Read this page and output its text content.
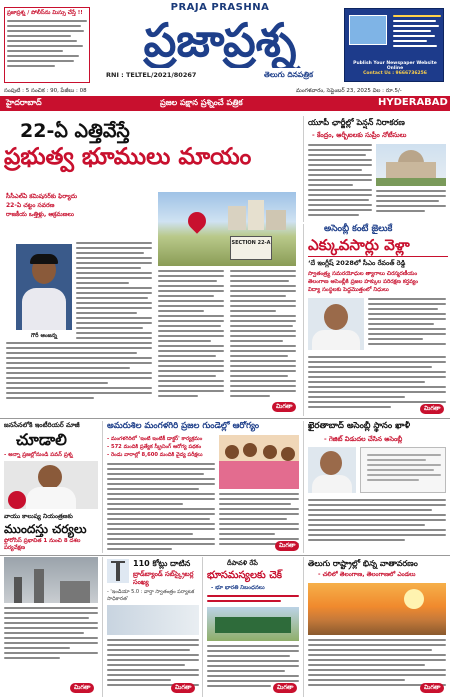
ప్రజాప్రశ్న / పోలీస్‌ను మిస్సు చేస్తే !!	PRAJA PRASHNA
ప్రజాప్రశ్న
RNI : TELTEL/2021/80267	తెలుగు దినపత్రిక
Publish Your Newspaper Website Online
Contact Us : 9666736256
సంపుటి : 5 సంచిక : 90, పేజీలు : 08	మంగళవారం, సెప్టెంబర్ 23, 2025 విల : రూ.5/-
హైదరాబాద్	ప్రజల పక్షాన ప్రశ్నించే పత్రిక	HYDERABAD
22-ఏ ఎత్తివేస్తే
ప్రభుత్వ భూములు మాయం
సీసీఎల్ఏ కమిషనర్‌కు ఫిర్యాదు
22-ఏ చట్టం సవరణ
రాజకీయ ఒత్తిళ్లు, ఆక్రమణలు
SECTION 22-A
గౌరీ ఆంజన్న
మిగతా
యూపీ ఛార్జీల్లో పెన్షన్ నిరాకరణ
- కేంద్రం, ఆర్బీఐలకు సుప్రీం నోటీసులు
అసెంబ్లీ కంటే జైలుకే
ఎక్కువసార్లు వెళ్లా
‘దే ఇంగ్లీష్ 2028లో సీఎం రేవంత్ రెడ్డి
స్వాతంత్ర్య సమరయోధుల త్యాగాలు చిరస్మరణీయం
తెలంగాణ అసెంబ్లీకి ప్రజల హక్కుల పరిరక్షణ కర్తవ్యం
విద్యా సంస్థలకు పెద్దమొత్తంలో నిధులు
మిగతా
జనసేనలోకి ఇంటీరియర్ మాజీ
చూడాలి
- అన్నా ప్రజల్లోనుండి పవన్ ప్రశ్న
అమరుశిల మంగళగిరి ప్రజల గుండెల్లో ఆరోగ్యం
- మంగళగిరిలో 'ఇంటి ఇంటికీ డాక్టర్' కార్యక్రమం
- 572 మందికి ప్రత్యేక స్క్రీనింగ్ ఆరోగ్య పథకం
- రెండు వారాల్లో 8,600 మందికి వైద్య పరీక్షలు
మిగతా
ఖైరతాబాద్ అసెంబ్లీ స్థానం ఖాళీ
- గెజిట్ విడుదల చేసిన అసెంబ్లీ
వాయు కాలుష్య నియంత్రణకు
ముందస్తు చర్యలు
ఫ్లోరోసిస్ ప్రభావిత 1 నుంచి 8 దశల పర్యవేక్షణ
మిగతా
110 కోట్లు దాటిన
బ్రాడ్‌బ్యాండ్ సబ్‌స్క్రైబర్ల సంఖ్య
- 'ఇండియా 5.0 : వార్తా స్వాతంత్రం పర్యాటక సాధికారత'
మిగతా
దీపావళి రేపే
భూసమస్యలకు చెక్
- భూ భారతి నిబంధనలు
మిగతా
తెలుగు రాష్ట్రాల్లో భిన్న వాతావరణం
- చలిలో తెలంగాణ, తెలంగాణలో ఎండలు
మిగతా
